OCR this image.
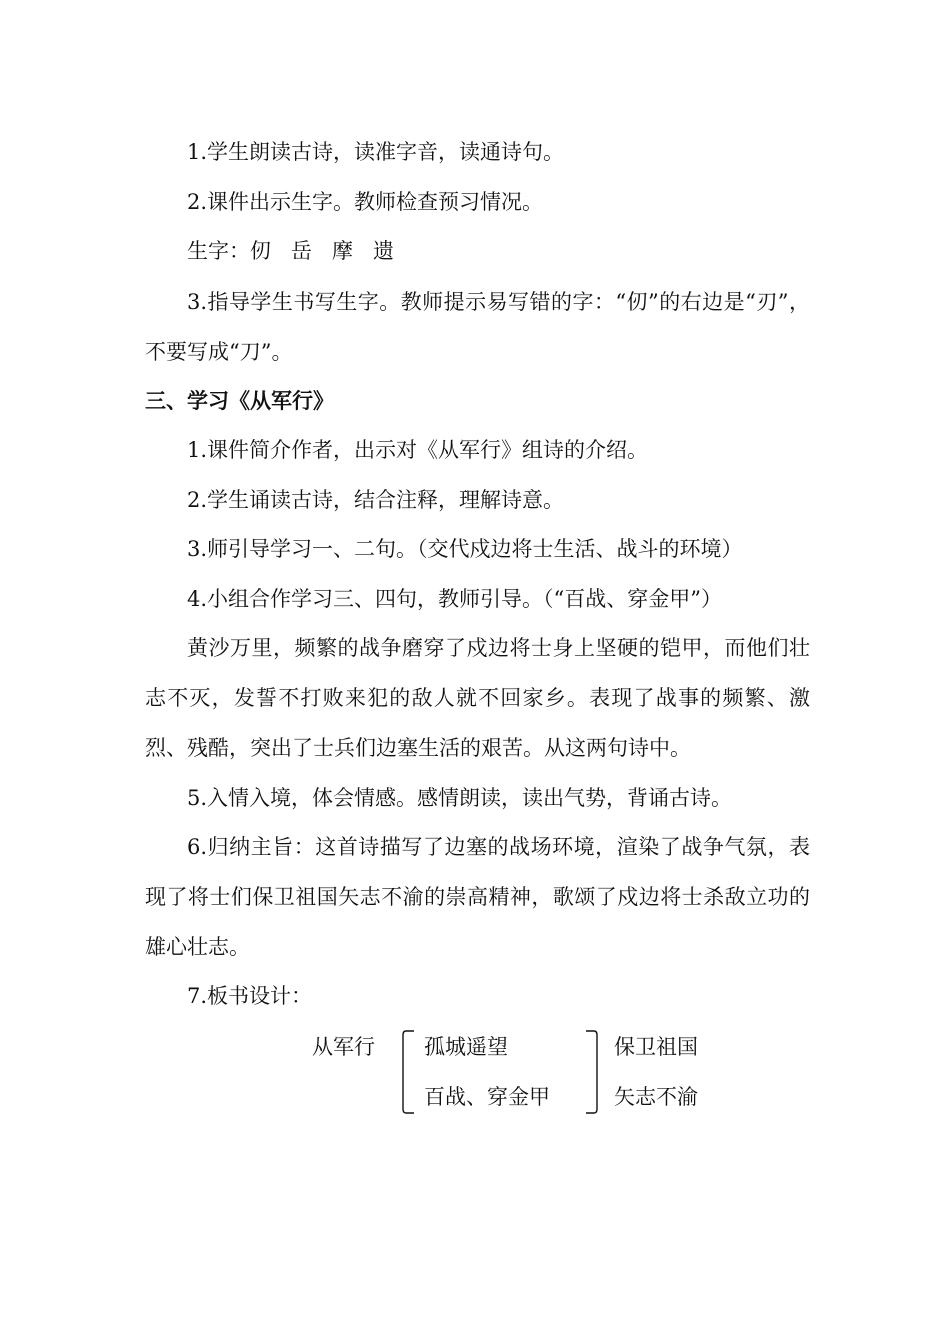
1.学生朗读古诗，读准字音，读通诗句。
2.课件出示生字。教师检查预习情况。
生字：仞 岳 摩 遗
3.指导学生书写生字。教师提示易写错的字：“仞”的右边是“刃”，不要写成“刀”。
三、学习《从军行》
1.课件简介作者，出示对《从军行》组诗的介绍。
2.学生诵读古诗，结合注释，理解诗意。
3.师引导学习一、二句。（交代戍边将士生活、战斗的环境）
4.小组合作学习三、四句，教师引导。（“百战、穿金甲”）
黄沙万里，频繁的战争磨穿了戍边将士身上坚硬的铠甲，而他们壮志不灭，发誓不打败来犯的敌人就不回家乡。表现了战事的频繁、激烈、残酷，突出了士兵们边塞生活的艰苦。从这两句诗中。
5.入情入境，体会情感。感情朗读，读出气势，背诵古诗。
6.归纳主旨：这首诗描写了边塞的战场环境，渲染了战争气氛，表现了将士们保卫祖国矢志不渝的崇高精神，歌颂了戍边将士杀敌立功的雄心壮志。
7.板书设计：
从军行 孤城遥望
百战、穿金甲
保卫祖国
矢志不渝
